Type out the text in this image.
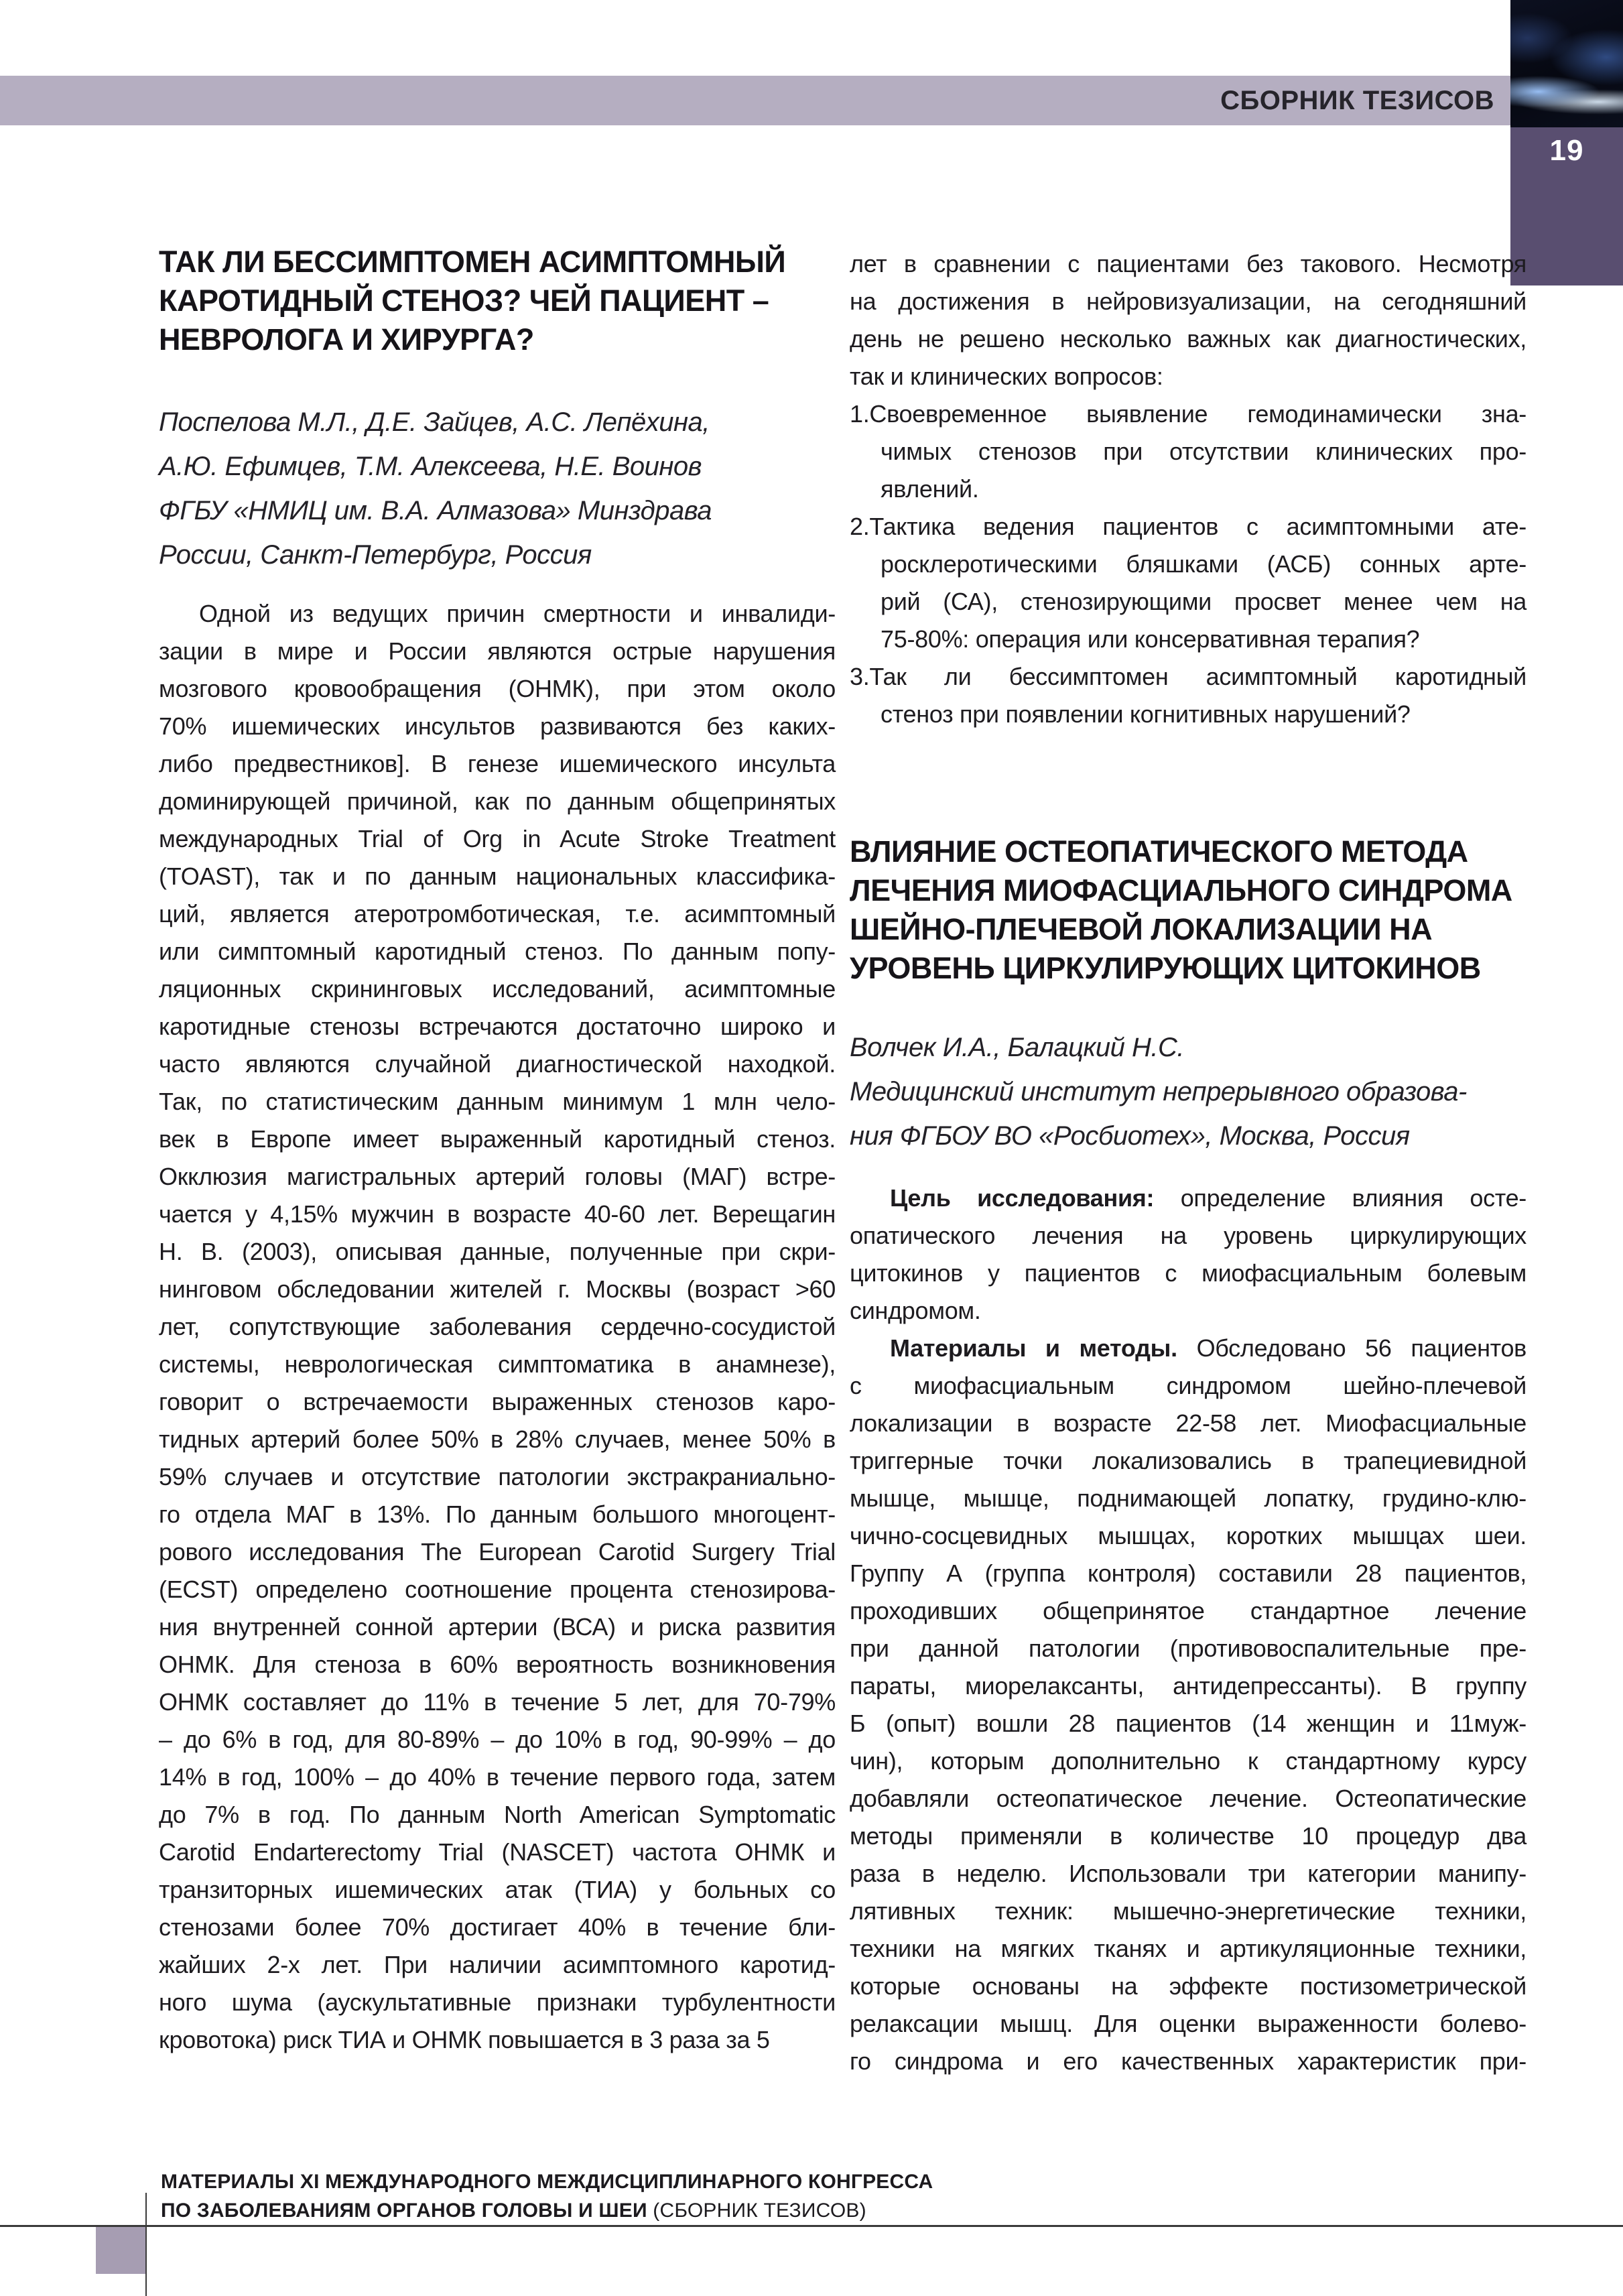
СБОРНИК ТЕЗИСОВ
19
ТАК ЛИ БЕССИМПТОМЕН АСИМПТОМНЫЙ
КАРОТИДНЫЙ СТЕНОЗ? ЧЕЙ ПАЦИЕНТ –
НЕВРОЛОГА И ХИРУРГА?
Поспелова М.Л., Д.Е. Зайцев, А.С. Лепёхина,
А.Ю. Ефимцев, Т.М. Алексеева, Н.Е. Воинов
ФГБУ «НМИЦ им. В.А. Алмазова» Минздрава
России, Санкт-Петербург, Россия
Одной из ведущих причин смертности и инвалиди-
зации в мире и России являются острые нарушения
мозгового кровообращения (ОНМК), при этом около
70% ишемических инсультов развиваются без каких-
либо предвестников]. В генезе ишемического инсульта
доминирующей причиной, как по данным общепринятых
международных Trial of Org in Acute Stroke Treatment
(TOAST), так и по данным национальных классифика-
ций, является атеротромботическая, т.е. асимптомный
или симптомный каротидный стеноз. По данным попу-
ляционных скрининговых исследований, асимптомные
каротидные стенозы встречаются достаточно широко и
часто являются случайной диагностической находкой.
Так, по статистическим данным минимум 1 млн чело-
век в Европе имеет выраженный каротидный стеноз.
Окклюзия магистральных артерий головы (МАГ) встре-
чается у 4,15% мужчин в возрасте 40-60 лет. Верещагин
Н. В. (2003), описывая данные, полученные при скри-
нинговом обследовании жителей г. Москвы (возраст >60
лет, сопутствующие заболевания сердечно-сосудистой
системы, неврологическая симптоматика в анамнезе),
говорит о встречаемости выраженных стенозов каро-
тидных артерий более 50% в 28% случаев, менее 50% в
59% случаев и отсутствие патологии экстракраниально-
го отдела МАГ в 13%. По данным большого многоцент-
рового исследования The European Carotid Surgery Trial
(ECST) определено соотношение процента стенозирова-
ния внутренней сонной артерии (ВСА) и риска развития
ОНМК. Для стеноза в 60% вероятность возникновения
ОНМК составляет до 11% в течение 5 лет, для 70-79%
– до 6% в год, для 80-89% – до 10% в год, 90-99% – до
14% в год, 100% – до 40% в течение первого года, затем
до 7% в год. По данным North American Symptomatic
Carotid Endarterectomy Trial (NASCET) частота ОНМК и
транзиторных ишемических атак (ТИА) у больных со
стенозами более 70% достигает 40% в течение бли-
жайших 2-х лет. При наличии асимптомного каротид-
ного шума (аускультативные признаки турбулентности
кровотока) риск ТИА и ОНМК повышается в 3 раза за 5
лет в сравнении с пациентами без такового. Несмотря
на достижения в нейровизуализации, на сегодняшний
день не решено несколько важных как диагностических,
так и клинических вопросов:
1.Своевременное выявление гемодинамически зна-
чимых стенозов при отсутствии клинических про-
явлений.
2.Тактика ведения пациентов с асимптомными ате-
росклеротическими бляшками (АСБ) сонных арте-
рий (СА), стенозирующими просвет менее чем на
75-80%: операция или консервативная терапия?
3.Так ли бессимптомен асимптомный каротидный
стеноз при появлении когнитивных нарушений?
ВЛИЯНИЕ ОСТЕОПАТИЧЕСКОГО МЕТОДА
ЛЕЧЕНИЯ МИОФАСЦИАЛЬНОГО СИНДРОМА
ШЕЙНО-ПЛЕЧЕВОЙ ЛОКАЛИЗАЦИИ НА
УРОВЕНЬ ЦИРКУЛИРУЮЩИХ ЦИТОКИНОВ
Волчек И.А., Балацкий Н.С.
Медицинский институт непрерывного образова-
ния ФГБОУ ВО «Росбиотех», Москва, Россия
Цель исследования: определение влияния осте-
опатического лечения на уровень циркулирующих
цитокинов у пациентов с миофасциальным болевым
синдромом.
Материалы и методы. Обследовано 56 пациентов
с миофасциальным синдромом шейно-плечевой
локализации в возрасте 22-58 лет. Миофасциальные
триггерные точки локализовались в трапециевидной
мышце, мышце, поднимающей лопатку, грудино-клю-
чично-сосцевидных мышцах, коротких мышцах шеи.
Группу А (группа контроля) составили 28 пациентов,
проходивших общепринятое стандартное лечение
при данной патологии (противовоспалительные пре-
параты, миорелаксанты, антидепрессанты). В группу
Б (опыт) вошли 28 пациентов (14 женщин и 11муж-
чин), которым дополнительно к стандартному курсу
добавляли остеопатическое лечение. Остеопатические
методы применяли в количестве 10 процедур два
раза в неделю. Использовали три категории манипу-
лятивных техник: мышечно-энергетические техники,
техники на мягких тканях и артикуляционные техники,
которые основаны на эффекте постизометрической
релаксации мышц. Для оценки выраженности болево-
го синдрома и его качественных характеристик при-
МАТЕРИАЛЫ XI МЕЖДУНАРОДНОГО МЕЖДИСЦИПЛИНАРНОГО КОНГРЕССА
ПО ЗАБОЛЕВАНИЯМ ОРГАНОВ ГОЛОВЫ И ШЕИ (СБОРНИК ТЕЗИСОВ)
